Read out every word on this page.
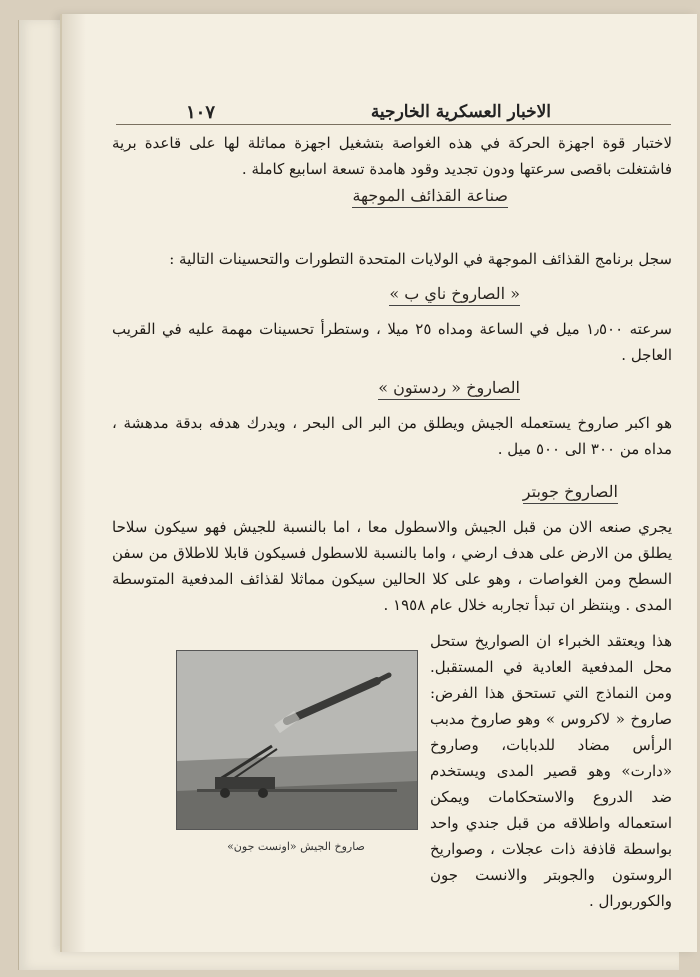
١٠٧	الاخبار العسكرية الخارجية

لاختبار قوة اجهزة الحركة في هذه الغواصة بتشغيل اجهزة مماثلة لها على قاعدة برية فاشتغلت باقصى سرعتها ودون تجديد وقود هامدة تسعة اسابيع كاملة .

صناعة القذائف الموجهة

سجل برنامج القذائف الموجهة في الولايات المتحدة التطورات والتحسينات التالية :

« الصاروخ ناي ب »

سرعته ١٫٥٠٠ ميل في الساعة ومداه ٢٥ ميلا ، وستطرأ تحسينات مهمة عليه في القريب العاجل .

الصاروخ « ردستون »

هو اكبر صاروخ يستعمله الجيش ويطلق من البر الى البحر ، ويدرك هدفه بدقة مدهشة ، مداه من ٣٠٠ الى ٥٠٠ ميل .

الصاروخ جوبتر

يجري صنعه الان من قبل الجيش والاسطول معا ، اما بالنسبة للجيش فهو سيكون سلاحا يطلق من الارض على هدف ارضي ، واما بالنسبة للاسطول فسيكون قابلا للاطلاق من سفن السطح ومن الغواصات ، وهو على كلا الحالين سيكون مماثلا لقذائف المدفعية المتوسطة المدى . وينتظر ان تبدأ تجاربه خلال عام ١٩٥٨ .

هذا ويعتقد الخبراء ان الصواريخ ستحل محل المدفعية العادية في المستقبل. ومن النماذج التي تستحق هذا الفرض: صاروخ « لاكروس » وهو صاروخ مدبب الرأس مضاد للدبابات، وصاروخ «دارت» وهو قصير المدى ويستخدم ضد الدروع والاستحكامات ويمكن استعماله واطلاقه من قبل جندي واحد بواسطة قاذفة ذات عجلات ، وصواريخ الروستون والجوبتر والانست جون والكوربورال .

صاروخ الجيش «اونست جون»
